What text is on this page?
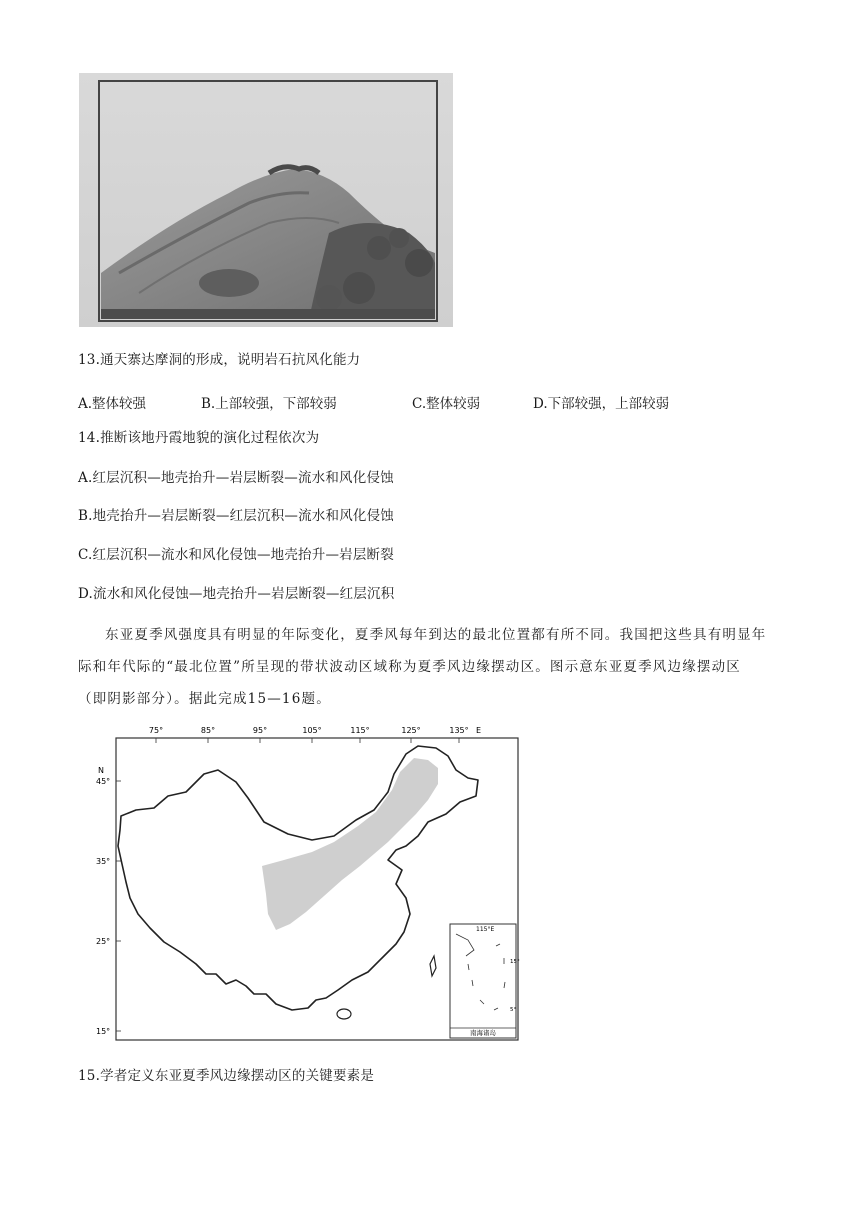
13.通天寨达摩洞的形成，说明岩石抗风化能力
A.整体较强	B.上部较强，下部较弱	C.整体较弱	D.下部较强，上部较弱
14.推断该地丹霞地貌的演化过程依次为
A.红层沉积—地壳抬升—岩层断裂—流水和风化侵蚀
B.地壳抬升—岩层断裂—红层沉积—流水和风化侵蚀
C.红层沉积—流水和风化侵蚀—地壳抬升—岩层断裂
D.流水和风化侵蚀—地壳抬升—岩层断裂—红层沉积
东亚夏季风强度具有明显的年际变化，夏季风每年到达的最北位置都有所不同。我国把这些具有明显年际和年代际的“最北位置”所呈现的带状波动区域称为夏季风边缘摆动区。图示意东亚夏季风边缘摆动区（即阴影部分）。据此完成15—16题。
75°	85°	95°	105°	115°	125°	135° E
N
45°
35°
25°
15°
115°E
15°
5°
南海诸岛
15.学者定义东亚夏季风边缘摆动区的关键要素是
